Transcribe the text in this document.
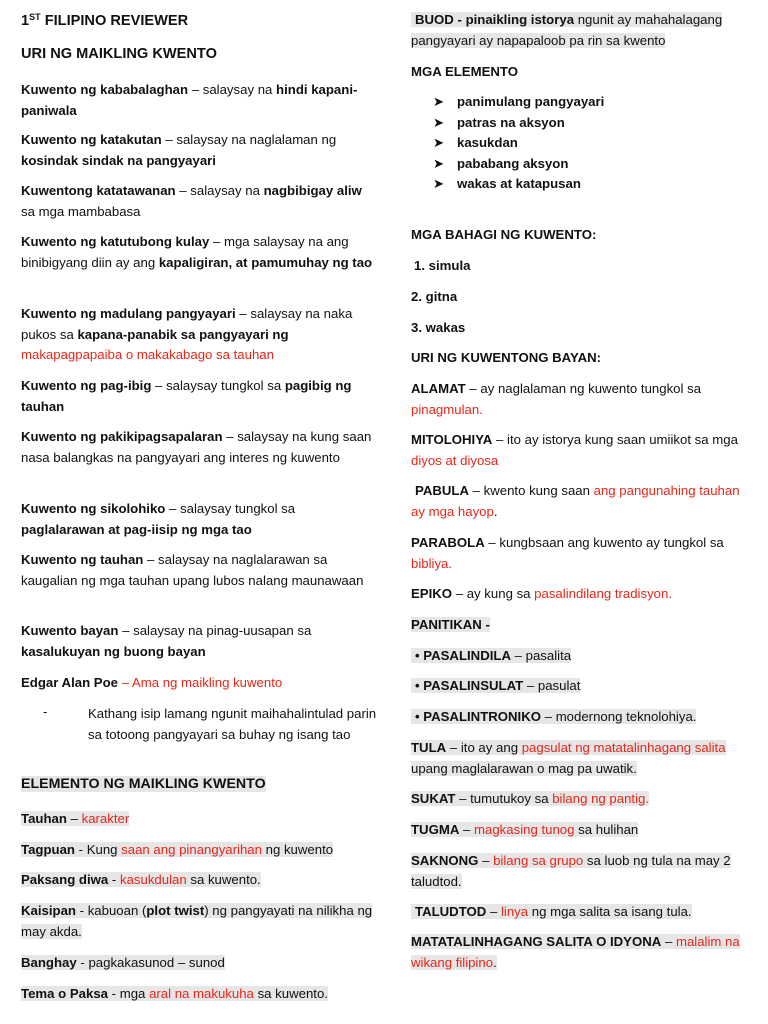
1ST FILIPINO REVIEWER
URI NG MAIKLING KWENTO

Kuwento ng kababalaghan – salaysay na hindi kapani-paniwala

Kuwento ng katakutan – salaysay na naglalaman ng kosindak sindak na pangyayari

Kuwentong katatawanan – salaysay na nagbibigay aliw sa mga mambabasa

Kuwento ng katutubong kulay – mga salaysay na ang binibigyang diin ay ang kapaligiran, at pamumuhay ng tao

Kuwento ng madulang pangyayari – salaysay na naka pukos sa kapana-panabik sa pangyayari ng makapagpapaiba o makakabago sa tauhan

Kuwento ng pag-ibig – salaysay tungkol sa pagibig ng tauhan

Kuwento ng pakikipagsapalaran – salaysay na kung saan nasa balangkas na pangyayari ang interes ng kuwento

Kuwento ng sikolohiko – salaysay tungkol sa paglalarawan at pag-iisip ng mga tao

Kuwento ng tauhan – salaysay na naglalarawan sa kaugalian ng mga tauhan upang lubos nalang maunawaan

Kuwento bayan – salaysay na pinag-uusapan sa kasalukuyan ng buong bayan

Edgar Alan Poe – Ama ng maikling kuwento

-	Kathang isip lamang ngunit maihahalintulad parin sa totoong pangyayari sa buhay ng isang tao
ELEMENTO NG MAIKLING KWENTO

Tauhan – karakter

Tagpuan - Kung saan ang pinangyarihan ng kuwento

Paksang diwa - kasukdulan sa kuwento.

Kaisipan - kabuoan (plot twist) ng pangyayati na nilikha ng may akda.

Banghay - pagkakasunod – sunod

Tema o Paksa - mga aral na makukuha sa kuwento.

BUOD - pinaikling istorya ngunit ay mahahalagang pangyayari ay napapaloob pa rin sa kwento

MGA ELEMENTO

➤ panimulang pangyayari
➤ patras na aksyon
➤ kasukdan
➤ pababang aksyon
➤ wakas at katapusan

MGA BAHAGI NG KUWENTO:

1. simula

2. gitna

3. wakas

URI NG KUWENTONG BAYAN:

ALAMAT – ay naglalaman ng kuwento tungkol sa pinagmulan.

MITOLOHIYA – ito ay istorya kung saan umiikot sa mga diyos at diyosa

PABULA – kwento kung saan ang pangunahing tauhan ay mga hayop.

PARABOLA – kungbsaan ang kuwento ay tungkol sa bibliya.

EPIKO – ay kung sa pasalindilang tradisyon.

PANITIKAN -

• PASALINDILA – pasalita

• PASALINSULAT – pasulat

• PASALINTRONIKO – modernong teknolohiya.

TULA – ito ay ang pagsulat ng matatalinhagang salita upang maglalarawan o mag pa uwatik.

SUKAT – tumutukoy sa bilang ng pantig.

TUGMA – magkasing tunog sa hulihan

SAKNONG – bilang sa grupo sa luob ng tula na may 2 taludtod.

TALUDTOD – linya ng mga salita sa isang tula.

MATATALINHAGANG SALITA O IDYONA – malalim na wikang filipino.
